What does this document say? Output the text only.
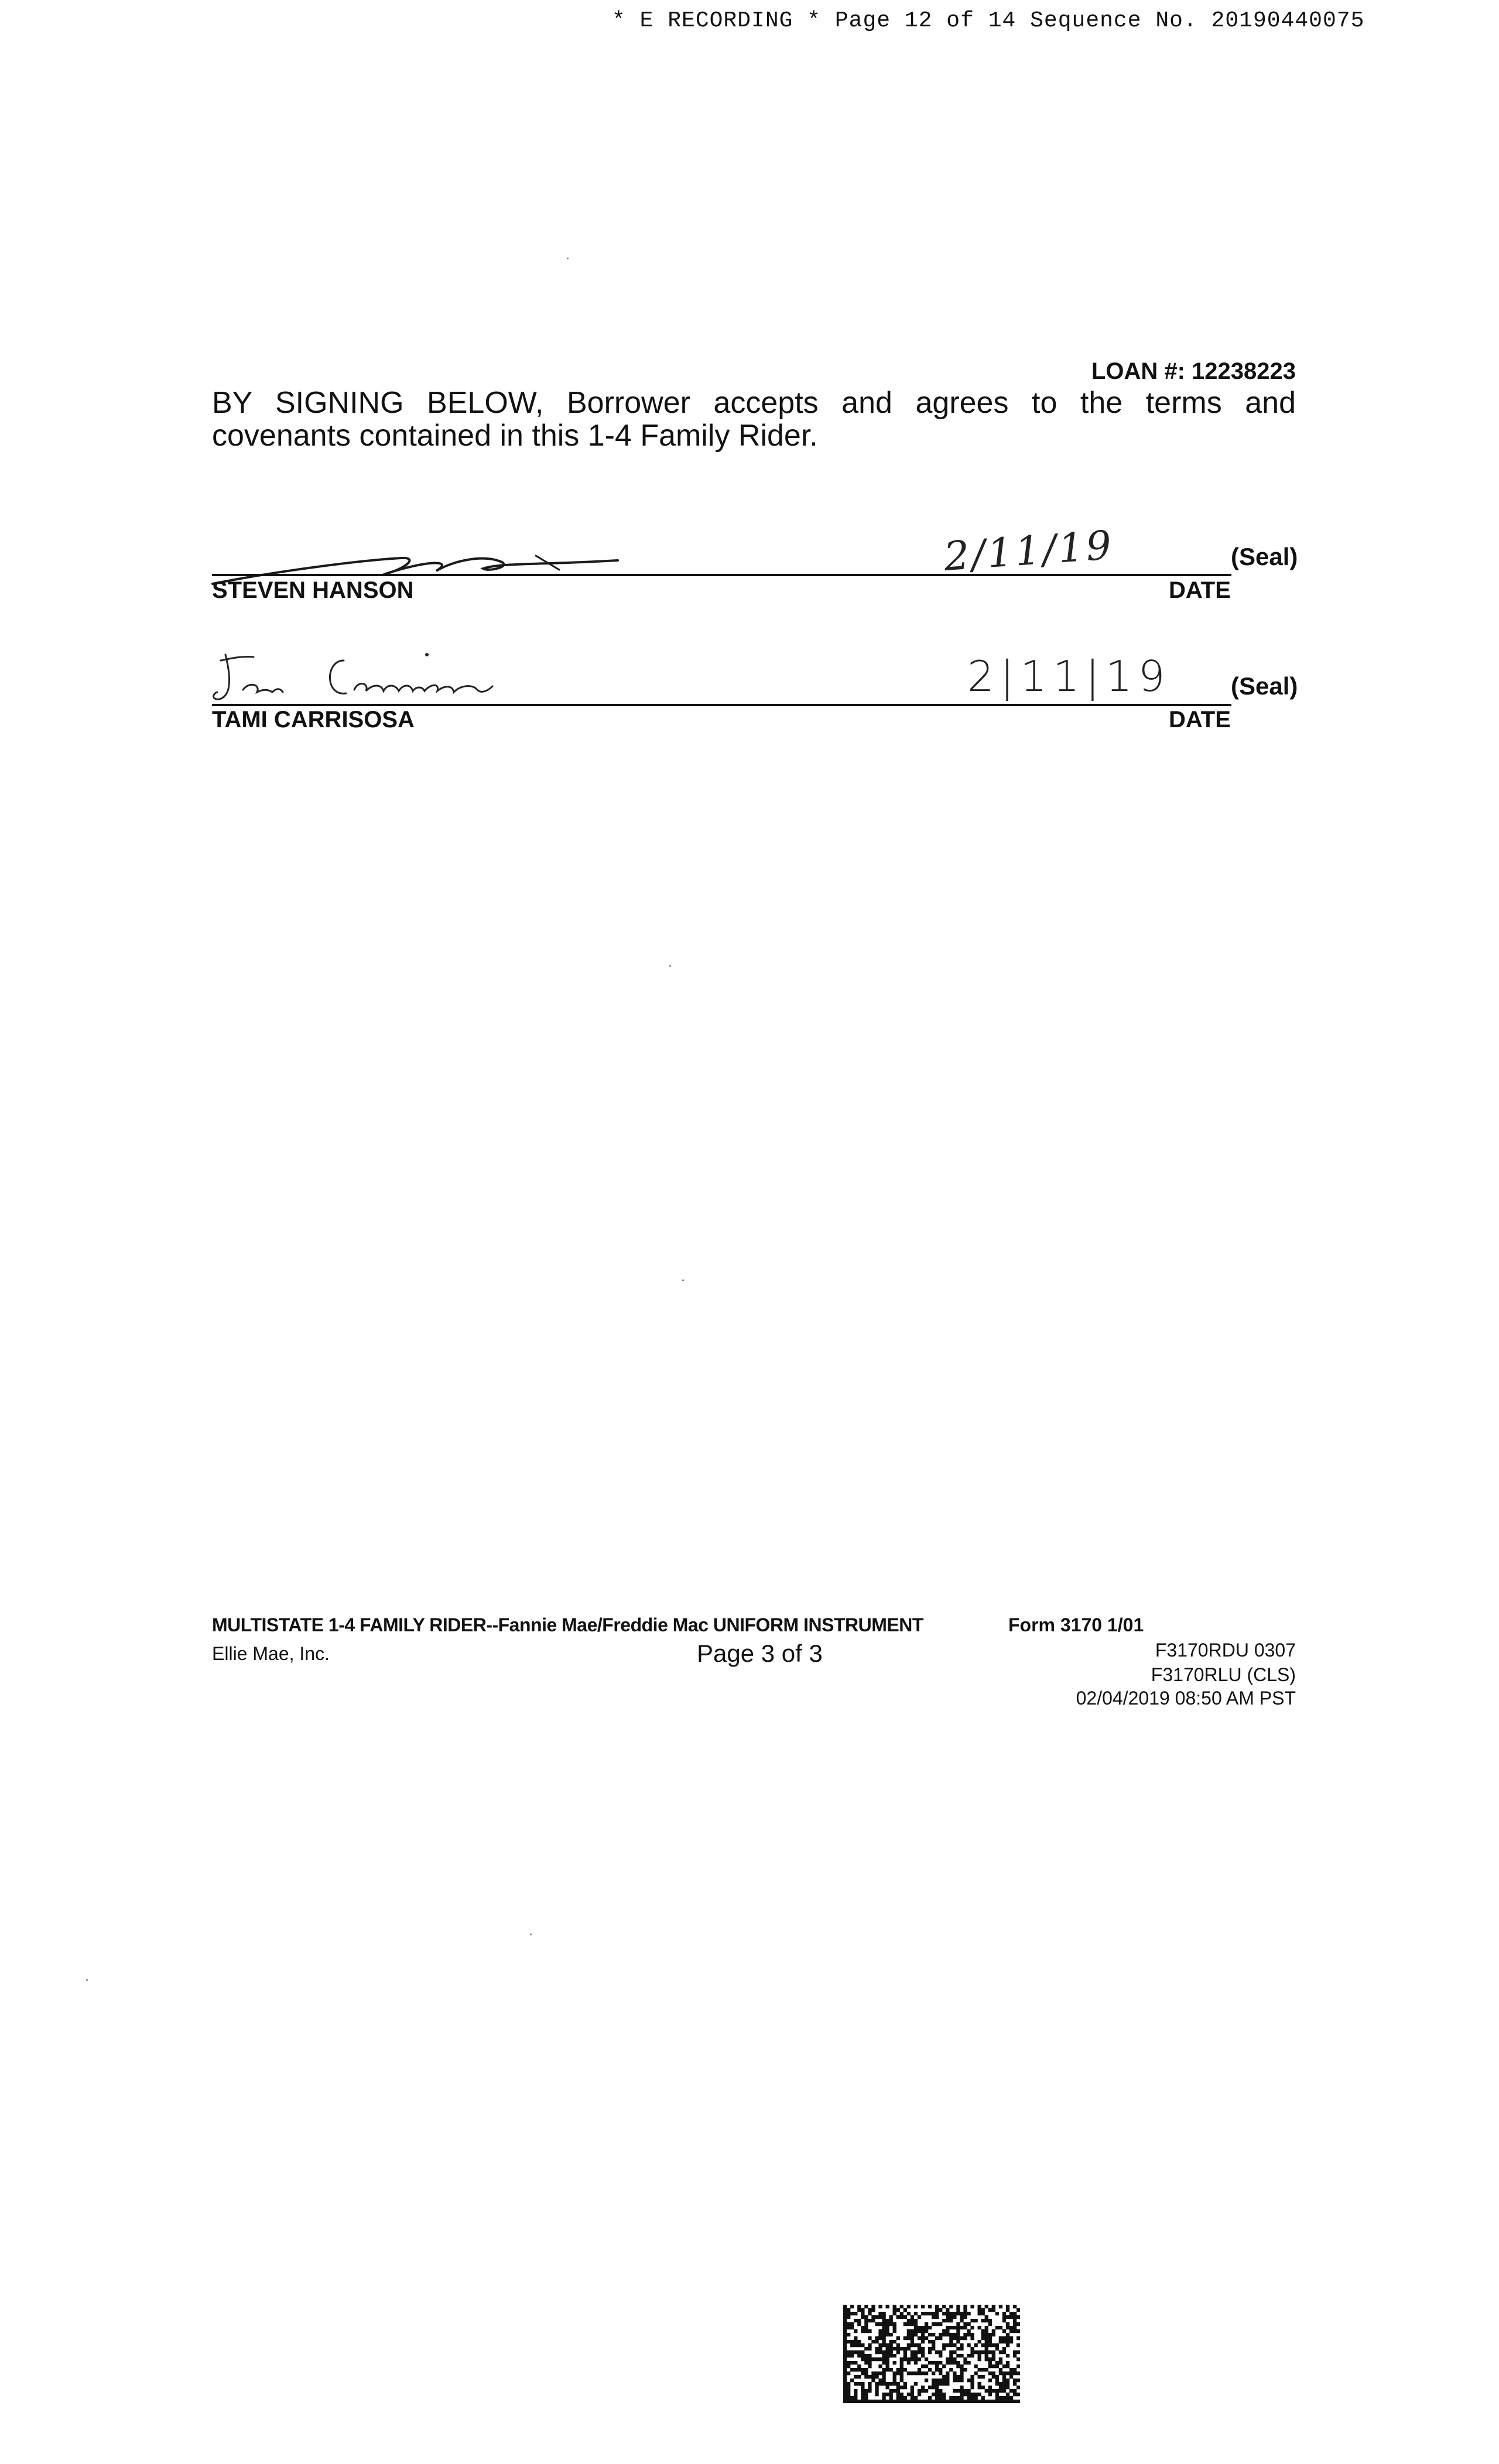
* E RECORDING * Page 12 of 14 Sequence No. 20190440075
LOAN #: 12238223
BY SIGNING BELOW, Borrower accepts and agrees to the terms and covenants contained in this 1-4 Family Rider.
2/11/19	(Seal)
STEVEN HANSON	DATE
2|11|19 (Seal)
TAMI CARRISOSA	DATE
MULTISTATE 1-4 FAMILY RIDER--Fannie Mae/Freddie Mac UNIFORM INSTRUMENT	Form 3170 1/01
Ellie Mae, Inc.	Page 3 of 3	F3170RDU 0307
F3170RLU (CLS)
02/04/2019 08:50 AM PST
